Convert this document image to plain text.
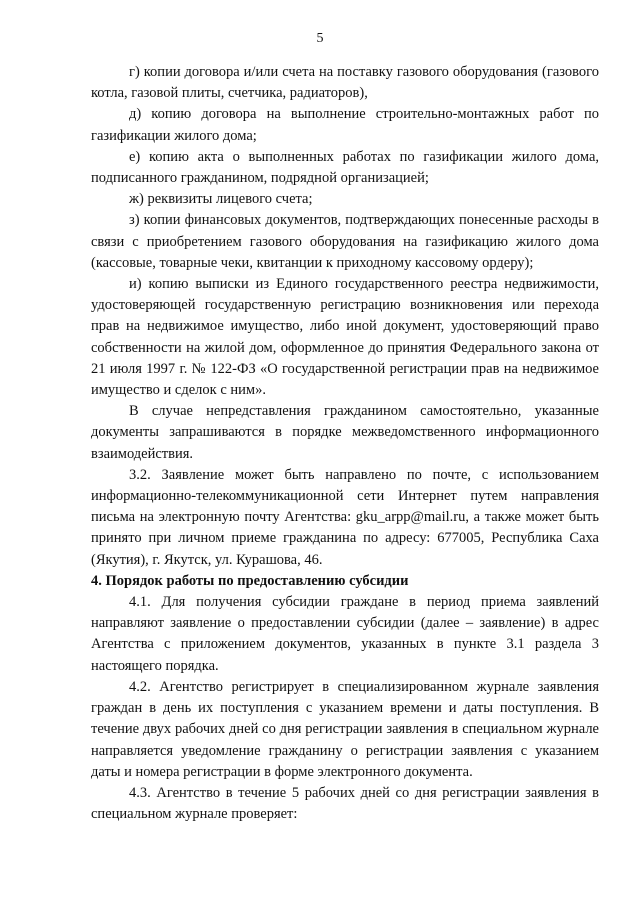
5

г) копии договора и/или счета на поставку газового оборудования (газового котла, газовой плиты, счетчика, радиаторов),

д) копию договора на выполнение строительно-монтажных работ по газификации жилого дома;

е) копию акта о выполненных работах по газификации жилого дома, подписанного гражданином, подрядной организацией;

ж) реквизиты лицевого счета;

з) копии финансовых документов, подтверждающих понесенные расходы в связи с приобретением газового оборудования на газификацию жилого дома (кассовые, товарные чеки, квитанции к приходному кассовому ордеру);

и) копию выписки из Единого государственного реестра недвижимости, удостоверяющей государственную регистрацию возникновения или перехода прав на недвижимое имущество, либо иной документ, удостоверяющий право собственности на жилой дом, оформленное до принятия Федерального закона от 21 июля 1997 г. № 122-ФЗ «О государственной регистрации прав на недвижимое имущество и сделок с ним».

В случае непредставления гражданином самостоятельно, указанные документы запрашиваются в порядке межведомственного информационного взаимодействия.

3.2. Заявление может быть направлено по почте, с использованием информационно-телекоммуникационной сети Интернет путем направления письма на электронную почту Агентства: gku_arpp@mail.ru, а также может быть принято при личном приеме гражданина по адресу: 677005, Республика Саха (Якутия), г. Якутск, ул. Курашова, 46.

4. Порядок работы по предоставлению субсидии

4.1. Для получения субсидии граждане в период приема заявлений направляют заявление о предоставлении субсидии (далее – заявление) в адрес Агентства с приложением документов, указанных в пункте 3.1 раздела 3 настоящего порядка.

4.2. Агентство регистрирует в специализированном журнале заявления граждан в день их поступления с указанием времени и даты поступления. В течение двух рабочих дней со дня регистрации заявления в специальном журнале направляется уведомление гражданину о регистрации заявления с указанием даты и номера регистрации в форме электронного документа.

4.3. Агентство в течение 5 рабочих дней со дня регистрации заявления в специальном журнале проверяет:
